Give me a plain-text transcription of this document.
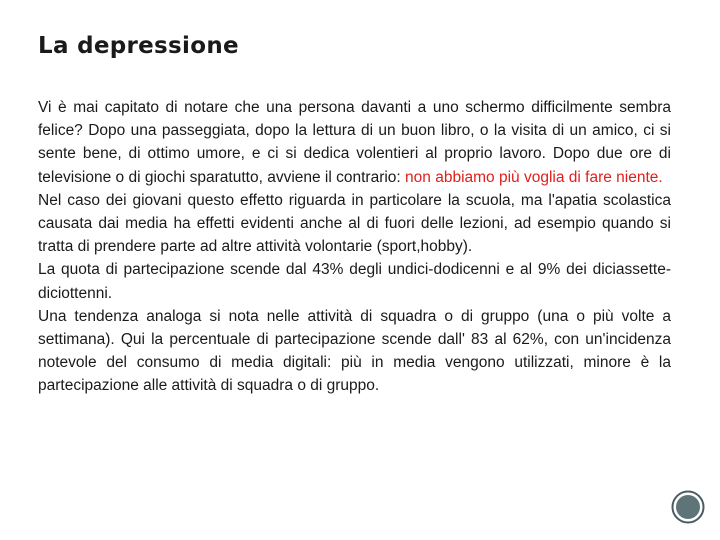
La depressione

Vi è mai capitato di notare che una persona davanti a uno schermo difficilmente sembra felice? Dopo una passeggiata, dopo la lettura di un buon libro, o la visita di un amico, ci si sente bene, di ottimo umore, e ci si dedica volentieri al proprio lavoro. Dopo due ore di televisione o di giochi sparatutto, avviene il contrario: non abbiamo più voglia di fare niente.

Nel caso dei giovani questo effetto riguarda in particolare la scuola, ma l'apatia scolastica causata dai media ha effetti evidenti anche al di fuori delle lezioni, ad esempio quando si tratta di prendere parte ad altre attività volontarie (sport,hobby).

La quota di partecipazione scende dal 43% degli undici-dodicenni e al 9% dei diciassette-diciottenni.

Una tendenza analoga si nota nelle attività di squadra o di gruppo (una o più volte a settimana). Qui la percentuale di partecipazione scende dall' 83 al 62%, con un'incidenza notevole del consumo di media digitali: più in media vengono utilizzati, minore è la partecipazione alle attività di squadra o di gruppo.
